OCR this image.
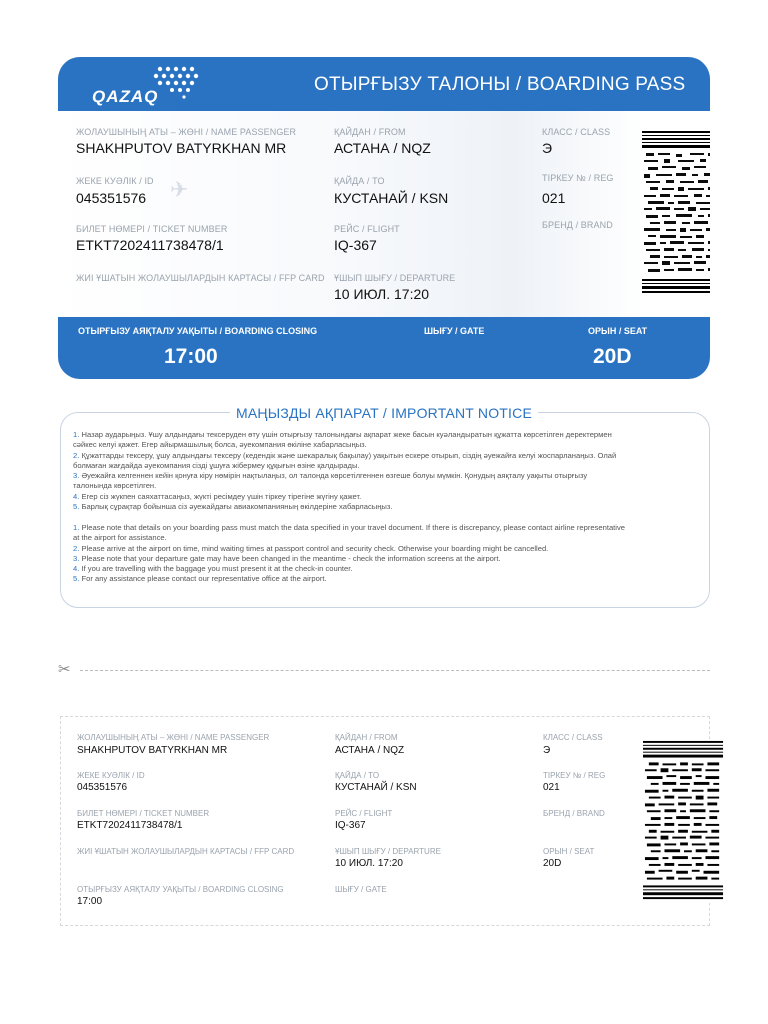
QAZAQ
ОТЫРҒЫЗУ ТАЛОНЫ / BOARDING PASS
✈
ЖОЛАУШЫНЫҢ АТЫ – ЖӨНІ / NAME PASSENGER
SHAKHPUTOV BATYRKHAN MR
ЖЕКЕ КУӘЛІК / ID
045351576
БИЛЕТ НӨМЕРІ / TICKET NUMBER
ETKT7202411738478/1
ЖИІ ҰШАТЫН ЖОЛАУШЫЛАРДЫН КАРТАСЫ / FFP CARD
ҚАЙДАН / FROM
АСТАНА / NQZ
ҚАЙДА / TO
КУСТАНАЙ / KSN
РЕЙС / FLIGHT
IQ-367
ҰШЫП ШЫҒУ / DEPARTURE
10 ИЮЛ. 17:20
КЛАСС / CLASS
Э
ТІРКЕУ № / REG
021
БРЕНД / BRAND
ОТЫРҒЫЗУ АЯҚТАЛУ УАҚЫТЫ / BOARDING CLOSING
17:00
ШЫҒУ / GATE	ОРЫН / SEAT
20D
1. Назар аударыңыз. Ұшу алдындағы тексеруден өту үшін отырғызу талонындағы ақпарат жеке басын куәландыратын құжатта көрсетілген деректермен
сәйкес келуі қажет. Егер айырмашылық болса, әуекомпания өкіліне хабарласыңыз.
2. Құжаттарды тексеру, ұшу алдындағы тексеру (кедендік және шекаралық бақылау) уақытын ескере отырып, сіздің әуежайға келуі жоспарланаңыз. Олай
болмаған жағдайда әуекомпания сізді ұшуға жібермеу құқығын өзіне қалдырады.
3. Әуежайға келгеннен кейін қонуға кіру нөмірін нақтылаңыз, ол талонда көрсетілгеннен өзгеше болуы мүмкін. Қонудың аяқталу уақыты отырғызу
талонында көрсетілген.
4. Егер сіз жүкпен саяхаттасаңыз, жүкті ресімдеу үшін тіркеу тірегіне жүгіну қажет.
5. Барлық сұрақтар бойынша сіз әуежайдағы авиакомпанияның өкілдеріне хабарласыңыз.
1. Please note that details on your boarding pass must match the data specified in your travel document. If there is discrepancy, please contact airline representative
at the airport for assistance.
2. Please arrive at the airport on time, mind waiting times at passport control and security check. Otherwise your boarding might be cancelled.
3. Please note that your departure gate may have been changed in the meantime - check the information screens at the airport.
4. If you are travelling with the baggage you must present it at the check-in counter.
5. For any assistance please contact our representative office at the airport.
МАҢЫЗДЫ АҚПАРАТ / IMPORTANT NOTICE
✂
ЖОЛАУШЫНЫҢ АТЫ – ЖӨНІ / NAME PASSENGER
SHAKHPUTOV BATYRKHAN MR
ЖЕКЕ КУӘЛІК / ID
045351576
БИЛЕТ НӨМЕРІ / TICKET NUMBER
ETKT7202411738478/1
ЖИІ ҰШАТЫН ЖОЛАУШЫЛАРДЫН КАРТАСЫ / FFP CARD
ОТЫРҒЫЗУ АЯҚТАЛУ УАҚЫТЫ / BOARDING CLOSING
17:00
ҚАЙДАН / FROM
АСТАНА / NQZ
ҚАЙДА / TO
КУСТАНАЙ / KSN
РЕЙС / FLIGHT
IQ-367
ҰШЫП ШЫҒУ / DEPARTURE
10 ИЮЛ. 17:20
ШЫҒУ / GATE
КЛАСС / CLASS
Э
ТІРКЕУ № / REG
021
БРЕНД / BRAND
ОРЫН / SEAT
20D
